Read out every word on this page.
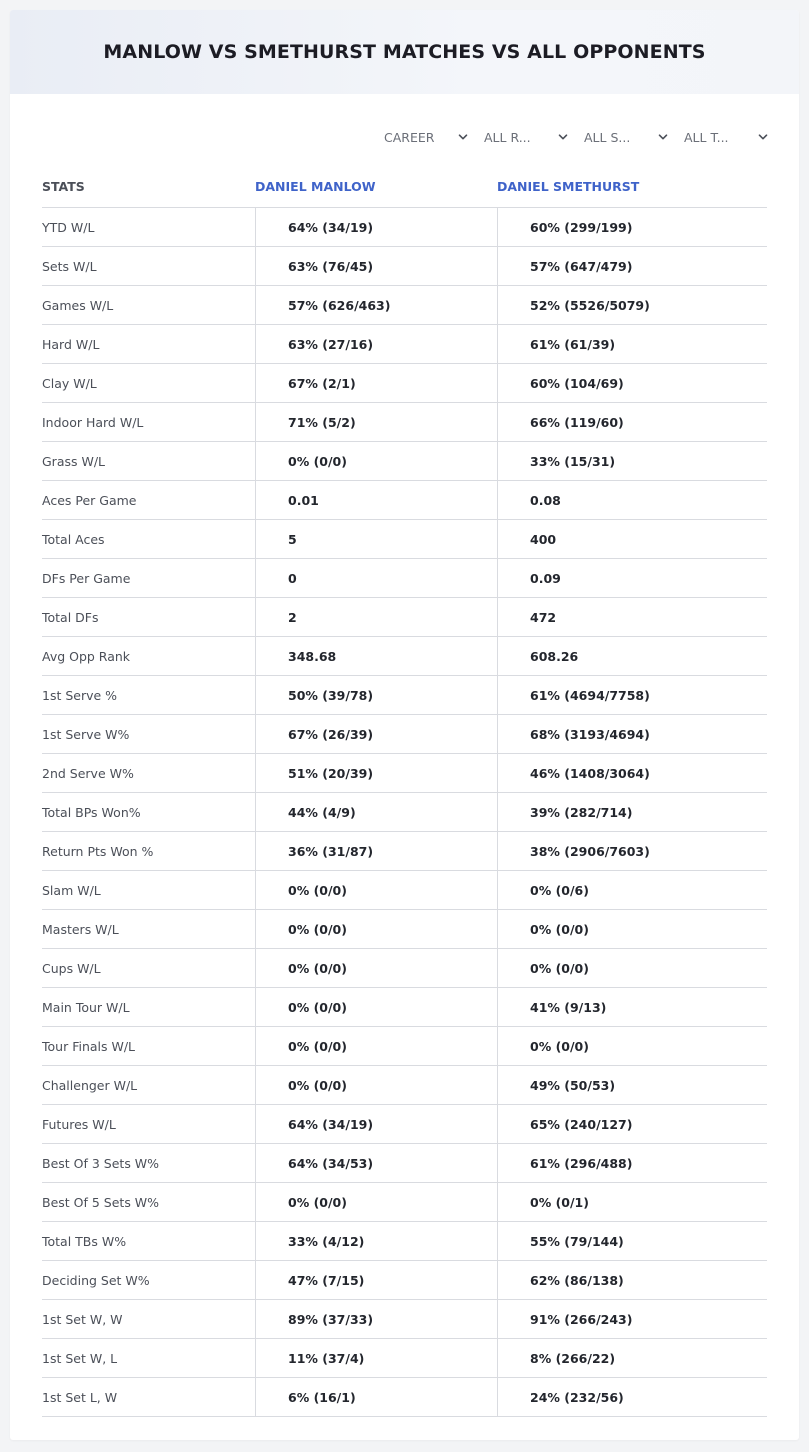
MANLOW VS SMETHURST MATCHES VS ALL OPPONENTS
CAREER	ALL R...	ALL S...	ALL T...
STATS	DANIEL MANLOW	DANIEL SMETHURST
YTD W/L	64% (34/19)	60% (299/199)
Sets W/L	63% (76/45)	57% (647/479)
Games W/L	57% (626/463)	52% (5526/5079)
Hard W/L	63% (27/16)	61% (61/39)
Clay W/L	67% (2/1)	60% (104/69)
Indoor Hard W/L	71% (5/2)	66% (119/60)
Grass W/L	0% (0/0)	33% (15/31)
Aces Per Game	0.01	0.08
Total Aces	5	400
DFs Per Game	0	0.09
Total DFs	2	472
Avg Opp Rank	348.68	608.26
1st Serve %	50% (39/78)	61% (4694/7758)
1st Serve W%	67% (26/39)	68% (3193/4694)
2nd Serve W%	51% (20/39)	46% (1408/3064)
Total BPs Won%	44% (4/9)	39% (282/714)
Return Pts Won %	36% (31/87)	38% (2906/7603)
Slam W/L	0% (0/0)	0% (0/6)
Masters W/L	0% (0/0)	0% (0/0)
Cups W/L	0% (0/0)	0% (0/0)
Main Tour W/L	0% (0/0)	41% (9/13)
Tour Finals W/L	0% (0/0)	0% (0/0)
Challenger W/L	0% (0/0)	49% (50/53)
Futures W/L	64% (34/19)	65% (240/127)
Best Of 3 Sets W%	64% (34/53)	61% (296/488)
Best Of 5 Sets W%	0% (0/0)	0% (0/1)
Total TBs W%	33% (4/12)	55% (79/144)
Deciding Set W%	47% (7/15)	62% (86/138)
1st Set W, W	89% (37/33)	91% (266/243)
1st Set W, L	11% (37/4)	8% (266/22)
1st Set L, W	6% (16/1)	24% (232/56)
